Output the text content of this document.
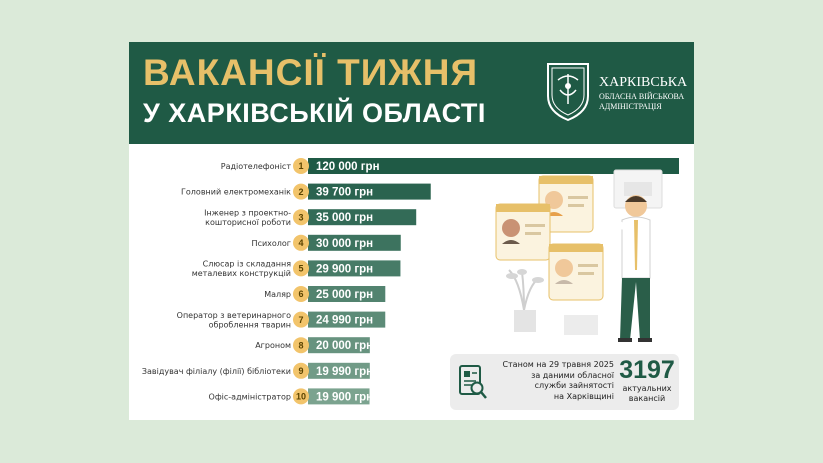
ВАКАНСІЇ ТИЖНЯ
У ХАРКІВСЬКІЙ ОБЛАСТІ
ХАРКІВСЬКА
ОБЛАСНА ВІЙСЬКОВА
АДМІНІСТРАЦІЯ
1 120 000 грн
Радіотелефоніст
2 39 700 грн
Головний електромеханік
3 35 000 грн
Інженер з проектно-кошторисної роботи
4 30 000 грн
Психолог
5 29 900 грн
Слюсар із складання металевих конструкцій
6 25 000 грн
Маляр
7 24 990 грн
Оператор з ветеринарного оброблення тварин
8 20 000 грн
Агроном
9 19 990 грн
Завідувач філіалу (філії) бібліотеки
10 19 900 грн
Офіс-адміністратор
Станом на 29 травня 2025
за даними обласної
служби зайнятості
на Харківщині
3197
актуальних
вакансій
